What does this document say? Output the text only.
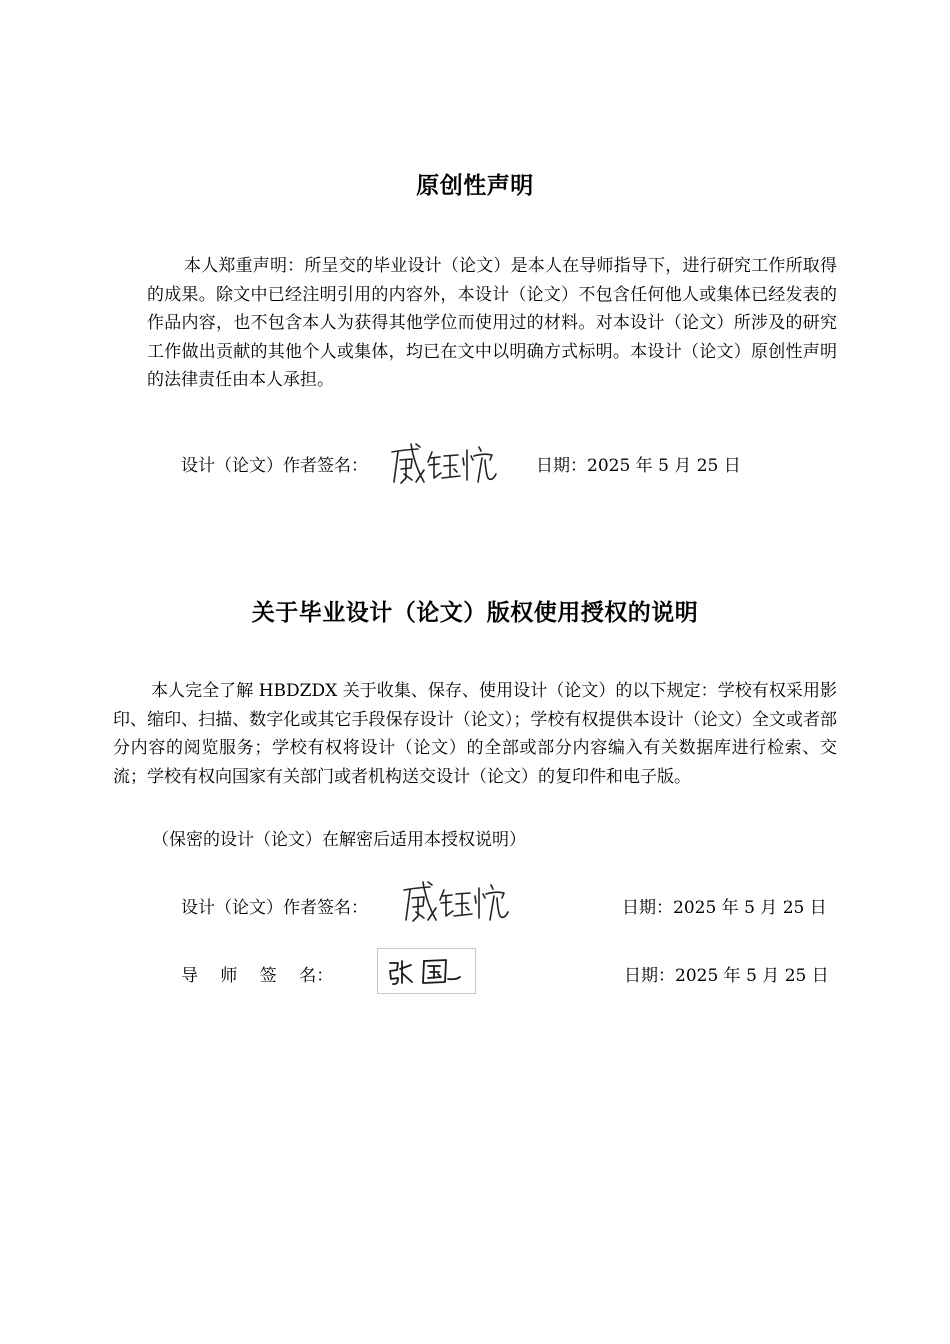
原创性声明
本人郑重声明：所呈交的毕业设计（论文）是本人在导师指导下，进行研究工作所取得的成果。除文中已经注明引用的内容外，本设计（论文）不包含任何他人或集体已经发表的作品内容，也不包含本人为获得其他学位而使用过的材料。对本设计（论文）所涉及的研究工作做出贡献的其他个人或集体，均已在文中以明确方式标明。本设计（论文）原创性声明的法律责任由本人承担。
设计（论文）作者签名：	日期：2025 年 5 月 25 日
关于毕业设计（论文）版权使用授权的说明
本人完全了解 HBDZDX 关于收集、保存、使用设计（论文）的以下规定：学校有权采用影印、缩印、扫描、数字化或其它手段保存设计（论文）；学校有权提供本设计（论文）全文或者部分内容的阅览服务；学校有权将设计（论文）的全部或部分内容编入有关数据库进行检索、交流；学校有权向国家有关部门或者机构送交设计（论文）的复印件和电子版。
（保密的设计（论文）在解密后适用本授权说明）
设计（论文）作者签名：	日期：2025 年 5 月 25 日
导　 师　 签　 名：	日期：2025 年 5 月 25 日
